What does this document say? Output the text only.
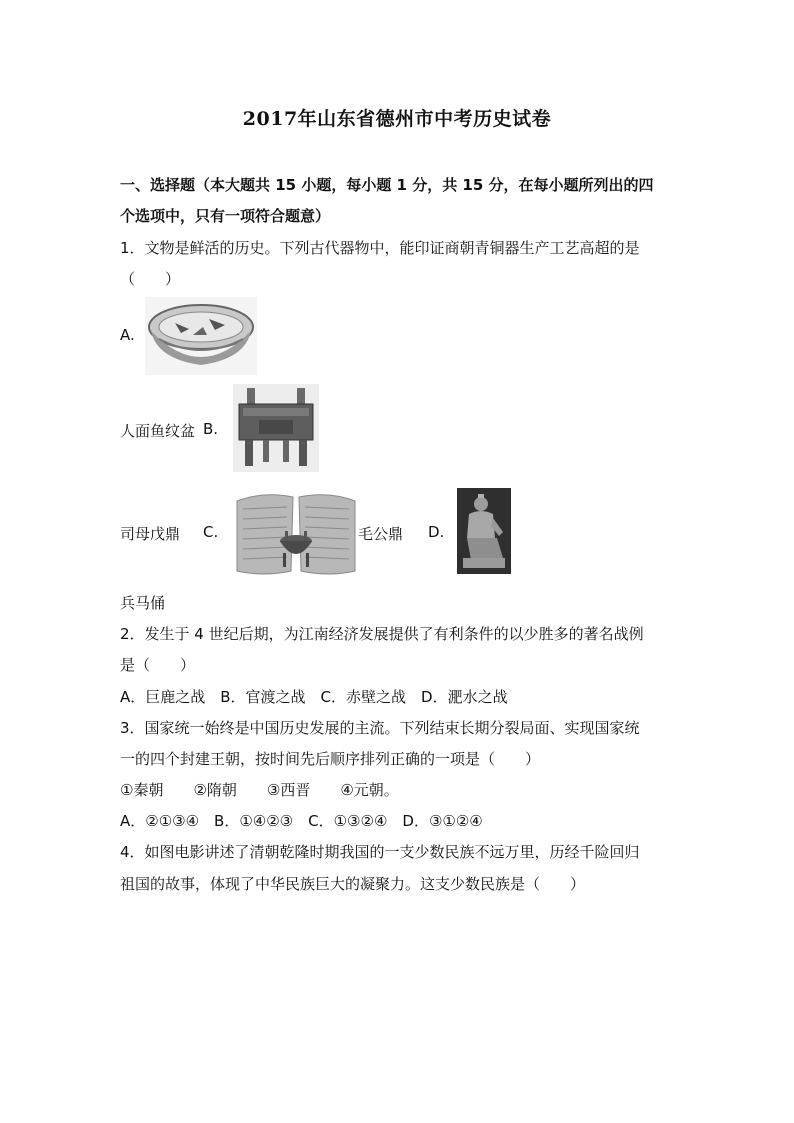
2017年山东省德州市中考历史试卷
一、选择题（本大题共 15 小题，每小题 1 分，共 15 分，在每小题所列出的四
个选项中，只有一项符合题意）
1．文物是鲜活的历史。下列古代器物中，能印证商朝青铜器生产工艺高超的是
（　　）
A.
人面鱼纹盆 B.
司母戊鼎 C.	毛公鼎 D.
兵马俑
2．发生于 4 世纪后期，为江南经济发展提供了有利条件的以少胜多的著名战例
是（　　）
A．巨鹿之战　B．官渡之战　C．赤壁之战　D．淝水之战
3．国家统一始终是中国历史发展的主流。下列结束长期分裂局面、实现国家统
一的四个封建王朝，按时间先后顺序排列正确的一项是（　　）
①秦朝　　②隋朝　　③西晋　　④元朝。
A．②①③④　B．①④②③　C．①③②④　D．③①②④
4．如图电影讲述了清朝乾隆时期我国的一支少数民族不远万里，历经千险回归
祖国的故事，体现了中华民族巨大的凝聚力。这支少数民族是（　　）
